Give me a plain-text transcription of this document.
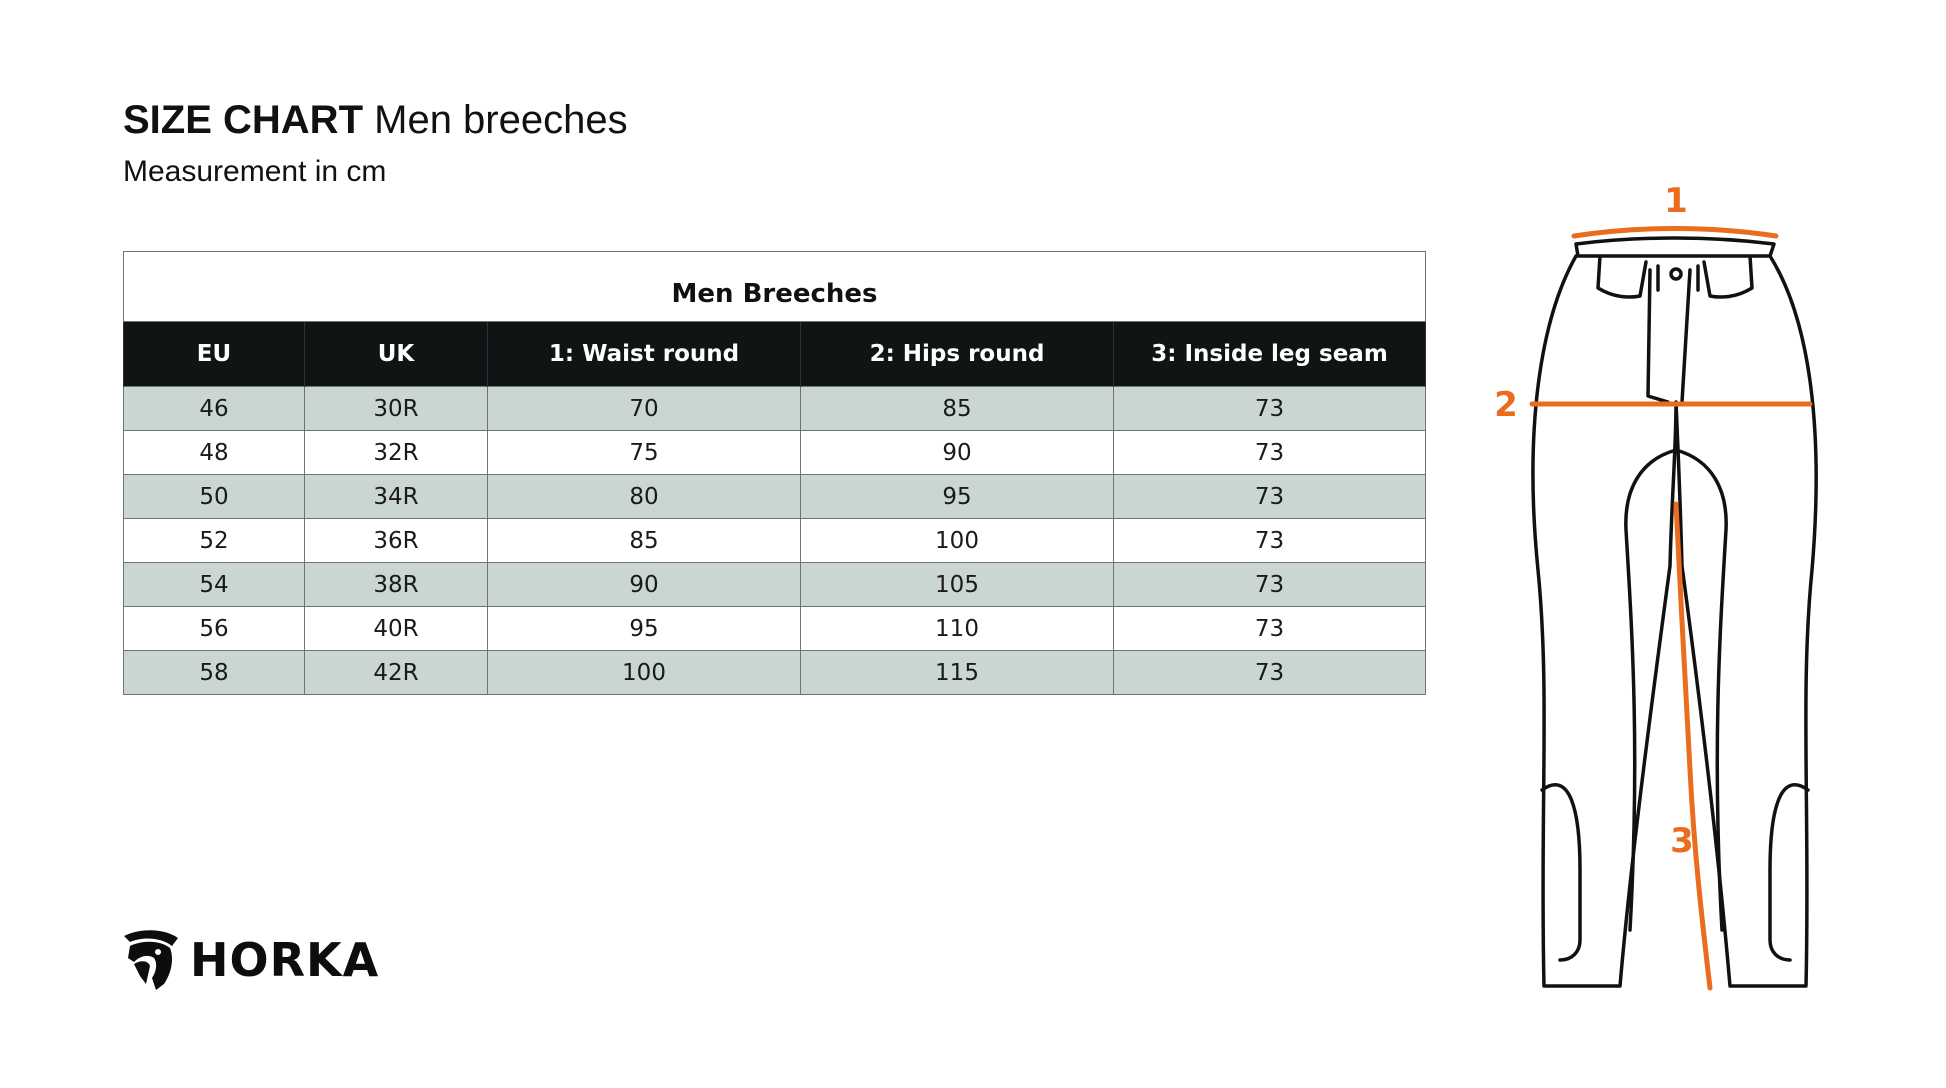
SIZE CHART Men breeches
Measurement in cm
Men Breeches				
EU	UK	1: Waist round	2: Hips round	3: Inside leg seam
46	30R	70	85	73
48	32R	75	90	73
50	34R	80	95	73
52	36R	85	100	73
54	38R	90	105	73
56	40R	95	110	73
58	42R	100	115	73
HORKA
1
2
3
